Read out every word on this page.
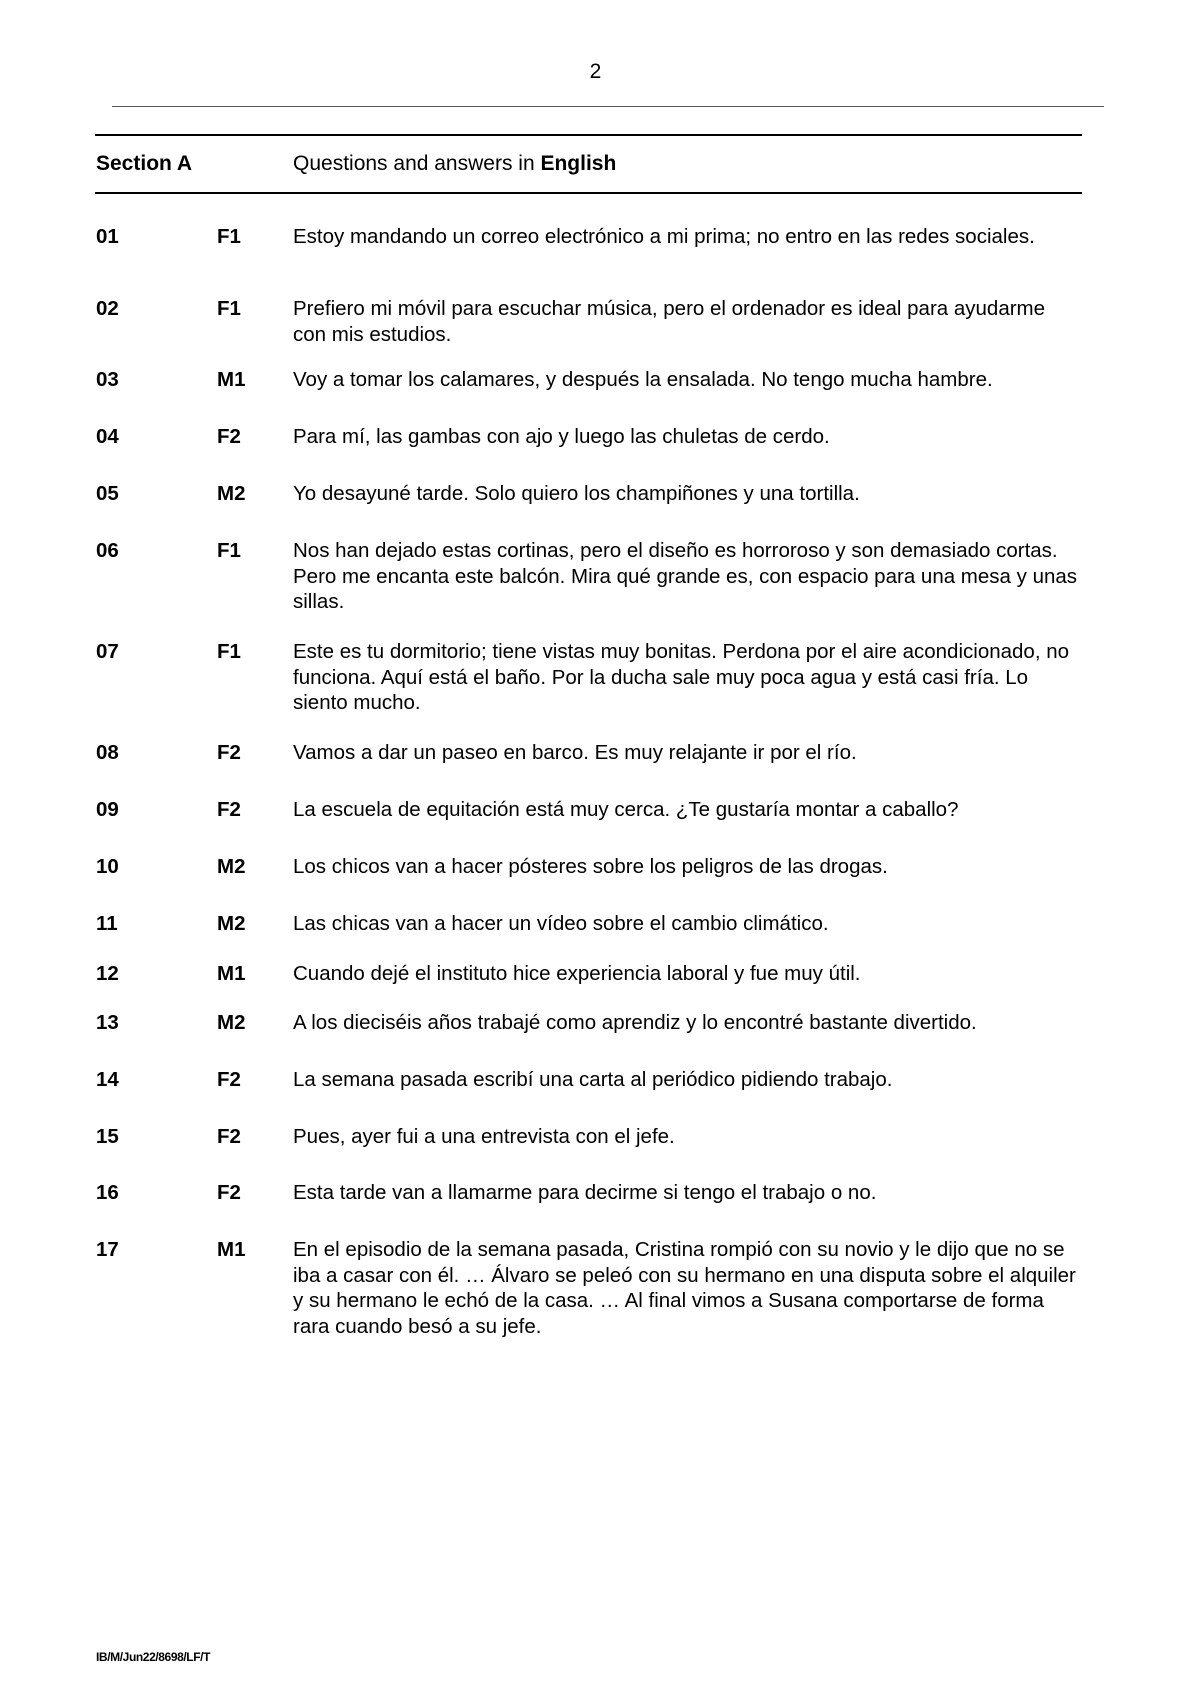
2
Section A	Questions and answers in English
01	F1	Estoy mandando un correo electrónico a mi prima; no entro en las redes sociales.
02	F1	Prefiero mi móvil para escuchar música, pero el ordenador es ideal para ayudarme con mis estudios.
03	M1 Voy a tomar los calamares, y después la ensalada. No tengo mucha hambre.
04	F2	Para mí, las gambas con ajo y luego las chuletas de cerdo.
05	M2 Yo desayuné tarde. Solo quiero los champiñones y una tortilla.
06	F1	Nos han dejado estas cortinas, pero el diseño es horroroso y son demasiado cortas. Pero me encanta este balcón. Mira qué grande es, con espacio para una mesa y unas sillas.
07	F1	Este es tu dormitorio; tiene vistas muy bonitas. Perdona por el aire acondicionado, no funciona. Aquí está el baño. Por la ducha sale muy poca agua y está casi fría. Lo siento mucho.
08	F2	Vamos a dar un paseo en barco. Es muy relajante ir por el río.
09	F2	La escuela de equitación está muy cerca. ¿Te gustaría montar a caballo?
10	M2 Los chicos van a hacer pósteres sobre los peligros de las drogas.
11	M2 Las chicas van a hacer un vídeo sobre el cambio climático.
12	M1 Cuando dejé el instituto hice experiencia laboral y fue muy útil.
13	M2 A los dieciséis años trabajé como aprendiz y lo encontré bastante divertido.
14	F2	La semana pasada escribí una carta al periódico pidiendo trabajo.
15	F2	Pues, ayer fui a una entrevista con el jefe.
16	F2	Esta tarde van a llamarme para decirme si tengo el trabajo o no.
17	M1 En el episodio de la semana pasada, Cristina rompió con su novio y le dijo que no se iba a casar con él. … Álvaro se peleó con su hermano en una disputa sobre el alquiler y su hermano le echó de la casa. … Al final vimos a Susana comportarse de forma rara cuando besó a su jefe.
IB/M/Jun22/8698/LF/T
